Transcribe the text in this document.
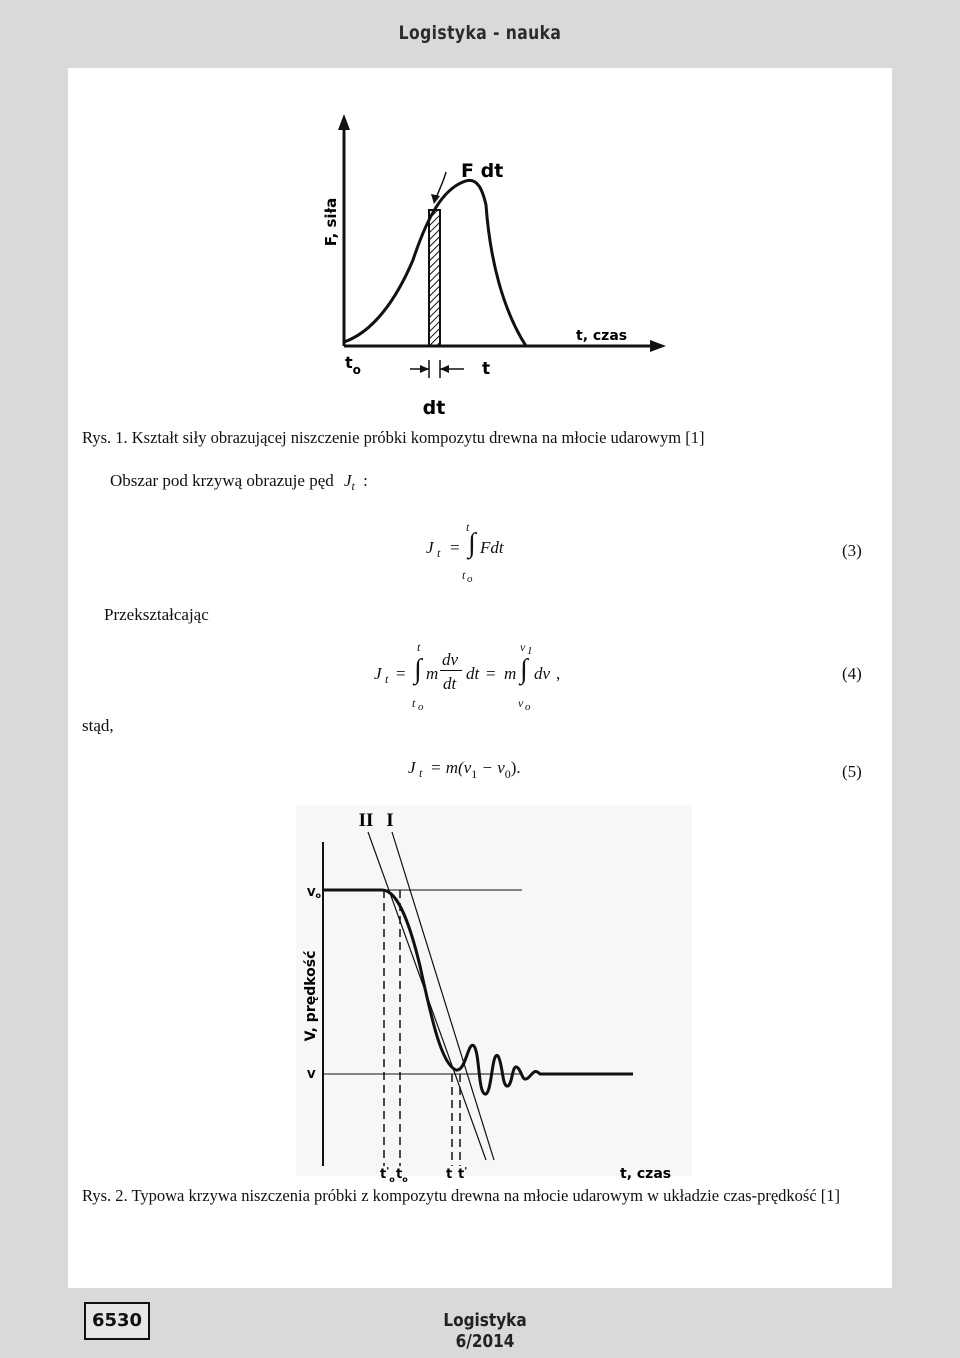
Logistyka - nauka
F, siła
F dt
t, czas
$t_o$	t
dt
Rys. 1. Kształt siły obrazującej niszczenie próbki kompozytu drewna na młocie udarowym [1]
Obszar pod krzywą obrazuje pęd $J_t$ :
J t = ∫
t
t o
Fdt	(3)
Przekształcając
J t =
t
∫
t o
m
dv
dt
dt = m
v 1
∫
v o
dv ,	(4)
stąd,
J $t = m(v_1 - v_0)$.	(5)
II I
V, prędkość
Vo
V
t, czas
$t'_o$ $t_o$	t t'
Rys. 2. Typowa krzywa niszczenia próbki z kompozytu drewna na młocie udarowym w układzie czas-prędkość [1]
6530	Logistyka 6/2014
